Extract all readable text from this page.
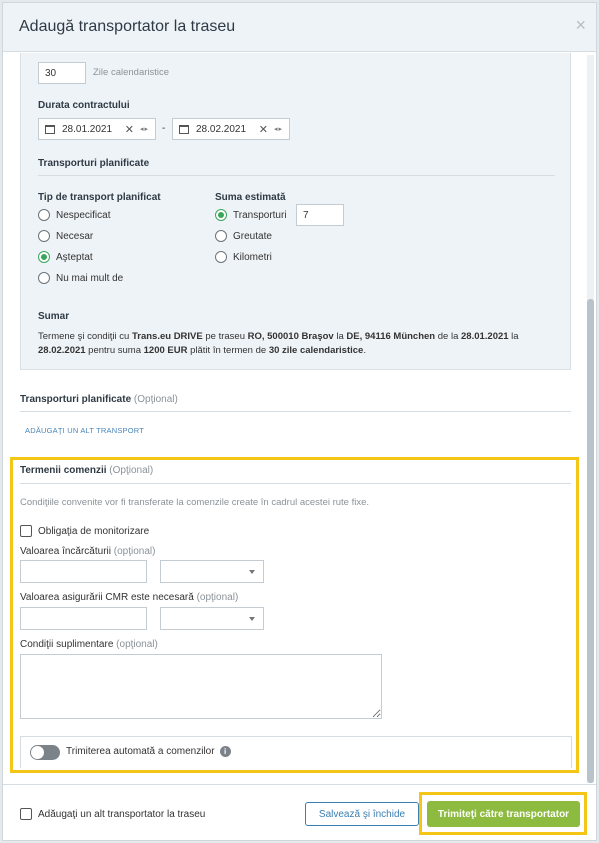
Adaugă transportator la traseu	×
30	Zile calendaristice
Durata contractului
28.01.2021 ✕ ◂▸ -	28.02.2021 ✕ ◂▸
Transporturi planificate
Tip de transport planificat
Nespecificat
Necesar
Aşteptat
Nu mai mult de
Suma estimată
Transporturi	7
Greutate
Kilometri
Sumar
Termene şi condiţii cu Trans.eu DRIVE pe traseu RO, 500010 Braşov la DE, 94116 München de la 28.01.2021 la 28.02.2021 pentru suma 1200 EUR plătit în termen de 30 zile calendaristice.
Transporturi planificate (Opţional)
ADĂUGAŢI UN ALT TRANSPORT
Termenii comenzii (Opţional)
Condiţiile convenite vor fi transferate la comenzile create în cadrul acestei rute fixe.
Obligaţia de monitorizare
Valoarea încărcăturii (opţional)
Valoarea asigurării CMR este necesară (opţional)
Condiţii suplimentare (opţional)
Trimiterea automată a comenzilor	i
Adăugaţi un alt transportator la traseu	Salvează şi închide	Trimiteţi către transportator
